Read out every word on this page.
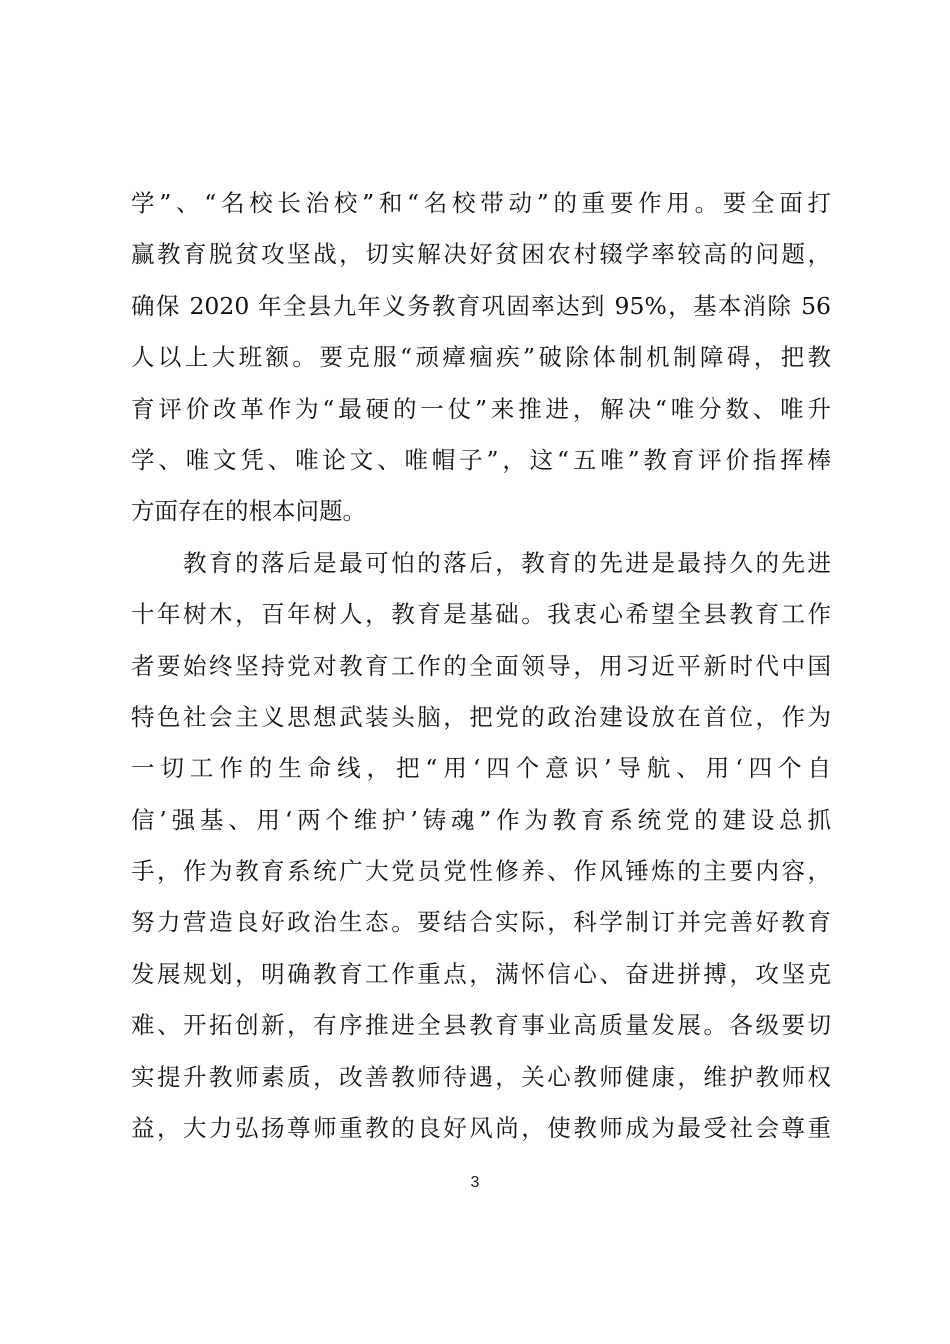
学”、“名校长治校”和“名校带动”的重要作用。要全面打
赢教育脱贫攻坚战，切实解决好贫困农村辍学率较高的问题，
确保 2020 年全县九年义务教育巩固率达到 95%，基本消除 56
人以上大班额。要克服“顽瘴痼疾”破除体制机制障碍，把教
育评价改革作为“最硬的一仗”来推进，解决“唯分数、唯升
学、唯文凭、唯论文、唯帽子”，这“五唯”教育评价指挥棒
方面存在的根本问题。
　　教育的落后是最可怕的落后，教育的先进是最持久的先进
十年树木，百年树人，教育是基础。我衷心希望全县教育工作
者要始终坚持党对教育工作的全面领导，用习近平新时代中国
特色社会主义思想武装头脑，把党的政治建设放在首位，作为
一切工作的生命线，把“用‘四个意识’导航、用‘四个自
信’强基、用‘两个维护’铸魂”作为教育系统党的建设总抓
手，作为教育系统广大党员党性修养、作风锤炼的主要内容，
努力营造良好政治生态。要结合实际，科学制订并完善好教育
发展规划，明确教育工作重点，满怀信心、奋进拼搏，攻坚克
难、开拓创新，有序推进全县教育事业高质量发展。各级要切
实提升教师素质，改善教师待遇，关心教师健康，维护教师权
益，大力弘扬尊师重教的良好风尚，使教师成为最受社会尊重
3
